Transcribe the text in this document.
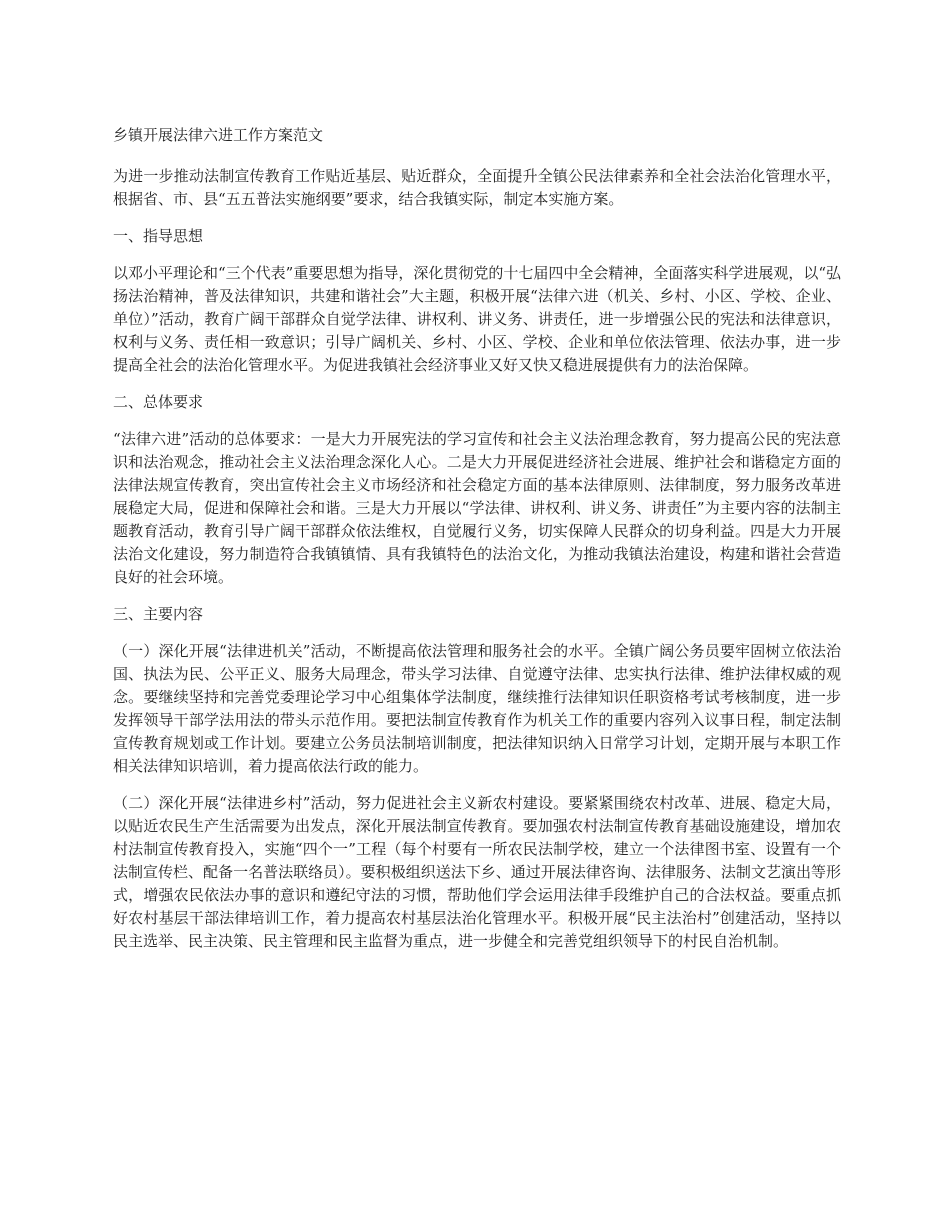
乡镇开展法律六进工作方案范文

为进一步推动法制宣传教育工作贴近基层、贴近群众，全面提升全镇公民法律素养和全社会法治化管理水平，根据省、市、县“五五普法实施纲要”要求，结合我镇实际，制定本实施方案。

一、指导思想

以邓小平理论和“三个代表”重要思想为指导，深化贯彻党的十七届四中全会精神，全面落实科学进展观，以“弘扬法治精神，普及法律知识，共建和谐社会”大主题，积极开展“法律六进（机关、乡村、小区、学校、企业、单位）”活动，教育广阔干部群众自觉学法律、讲权利、讲义务、讲责任，进一步增强公民的宪法和法律意识，权利与义务、责任相一致意识；引导广阔机关、乡村、小区、学校、企业和单位依法管理、依法办事，进一步提高全社会的法治化管理水平。为促进我镇社会经济事业又好又快又稳进展提供有力的法治保障。

二、总体要求

“法律六进”活动的总体要求：一是大力开展宪法的学习宣传和社会主义法治理念教育，努力提高公民的宪法意识和法治观念，推动社会主义法治理念深化人心。二是大力开展促进经济社会进展、维护社会和谐稳定方面的法律法规宣传教育，突出宣传社会主义市场经济和社会稳定方面的基本法律原则、法律制度，努力服务改革进展稳定大局，促进和保障社会和谐。三是大力开展以“学法律、讲权利、讲义务、讲责任”为主要内容的法制主题教育活动，教育引导广阔干部群众依法维权，自觉履行义务，切实保障人民群众的切身利益。四是大力开展法治文化建设，努力制造符合我镇镇情、具有我镇特色的法治文化，为推动我镇法治建设，构建和谐社会营造良好的社会环境。

三、主要内容

（一）深化开展“法律进机关”活动，不断提高依法管理和服务社会的水平。全镇广阔公务员要牢固树立依法治国、执法为民、公平正义、服务大局理念，带头学习法律、自觉遵守法律、忠实执行法律、维护法律权威的观念。要继续坚持和完善党委理论学习中心组集体学法制度，继续推行法律知识任职资格考试考核制度，进一步发挥领导干部学法用法的带头示范作用。要把法制宣传教育作为机关工作的重要内容列入议事日程，制定法制宣传教育规划或工作计划。要建立公务员法制培训制度，把法律知识纳入日常学习计划，定期开展与本职工作相关法律知识培训，着力提高依法行政的能力。

（二）深化开展“法律进乡村”活动，努力促进社会主义新农村建设。要紧紧围绕农村改革、进展、稳定大局，以贴近农民生产生活需要为出发点，深化开展法制宣传教育。要加强农村法制宣传教育基础设施建设，增加农村法制宣传教育投入，实施“四个一”工程（每个村要有一所农民法制学校，建立一个法律图书室、设置有一个法制宣传栏、配备一名普法联络员）。要积极组织送法下乡、通过开展法律咨询、法律服务、法制文艺演出等形式，增强农民依法办事的意识和遵纪守法的习惯，帮助他们学会运用法律手段维护自己的合法权益。要重点抓好农村基层干部法律培训工作，着力提高农村基层法治化管理水平。积极开展“民主法治村”创建活动，坚持以民主选举、民主决策、民主管理和民主监督为重点，进一步健全和完善党组织领导下的村民自治机制。
